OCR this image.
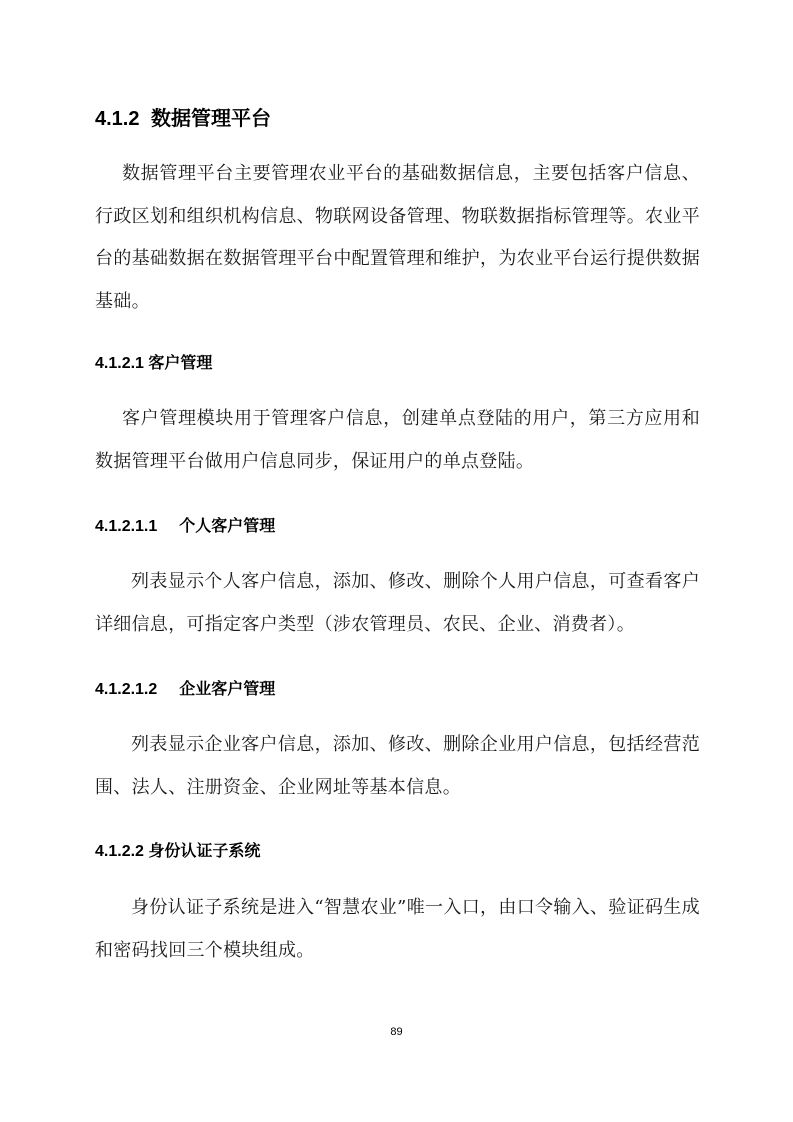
4.1.2 数据管理平台
数据管理平台主要管理农业平台的基础数据信息，主要包括客户信息、行政区划和组织机构信息、物联网设备管理、物联数据指标管理等。农业平台的基础数据在数据管理平台中配置管理和维护，为农业平台运行提供数据基础。
4.1.2.1 客户管理
客户管理模块用于管理客户信息，创建单点登陆的用户，第三方应用和数据管理平台做用户信息同步，保证用户的单点登陆。
4.1.2.1.1 个人客户管理
列表显示个人客户信息，添加、修改、删除个人用户信息，可查看客户详细信息，可指定客户类型（涉农管理员、农民、企业、消费者）。
4.1.2.1.2 企业客户管理
列表显示企业客户信息，添加、修改、删除企业用户信息，包括经营范围、法人、注册资金、企业网址等基本信息。
4.1.2.2 身份认证子系统
身份认证子系统是进入“智慧农业”唯一入口，由口令输入、验证码生成和密码找回三个模块组成。
89
